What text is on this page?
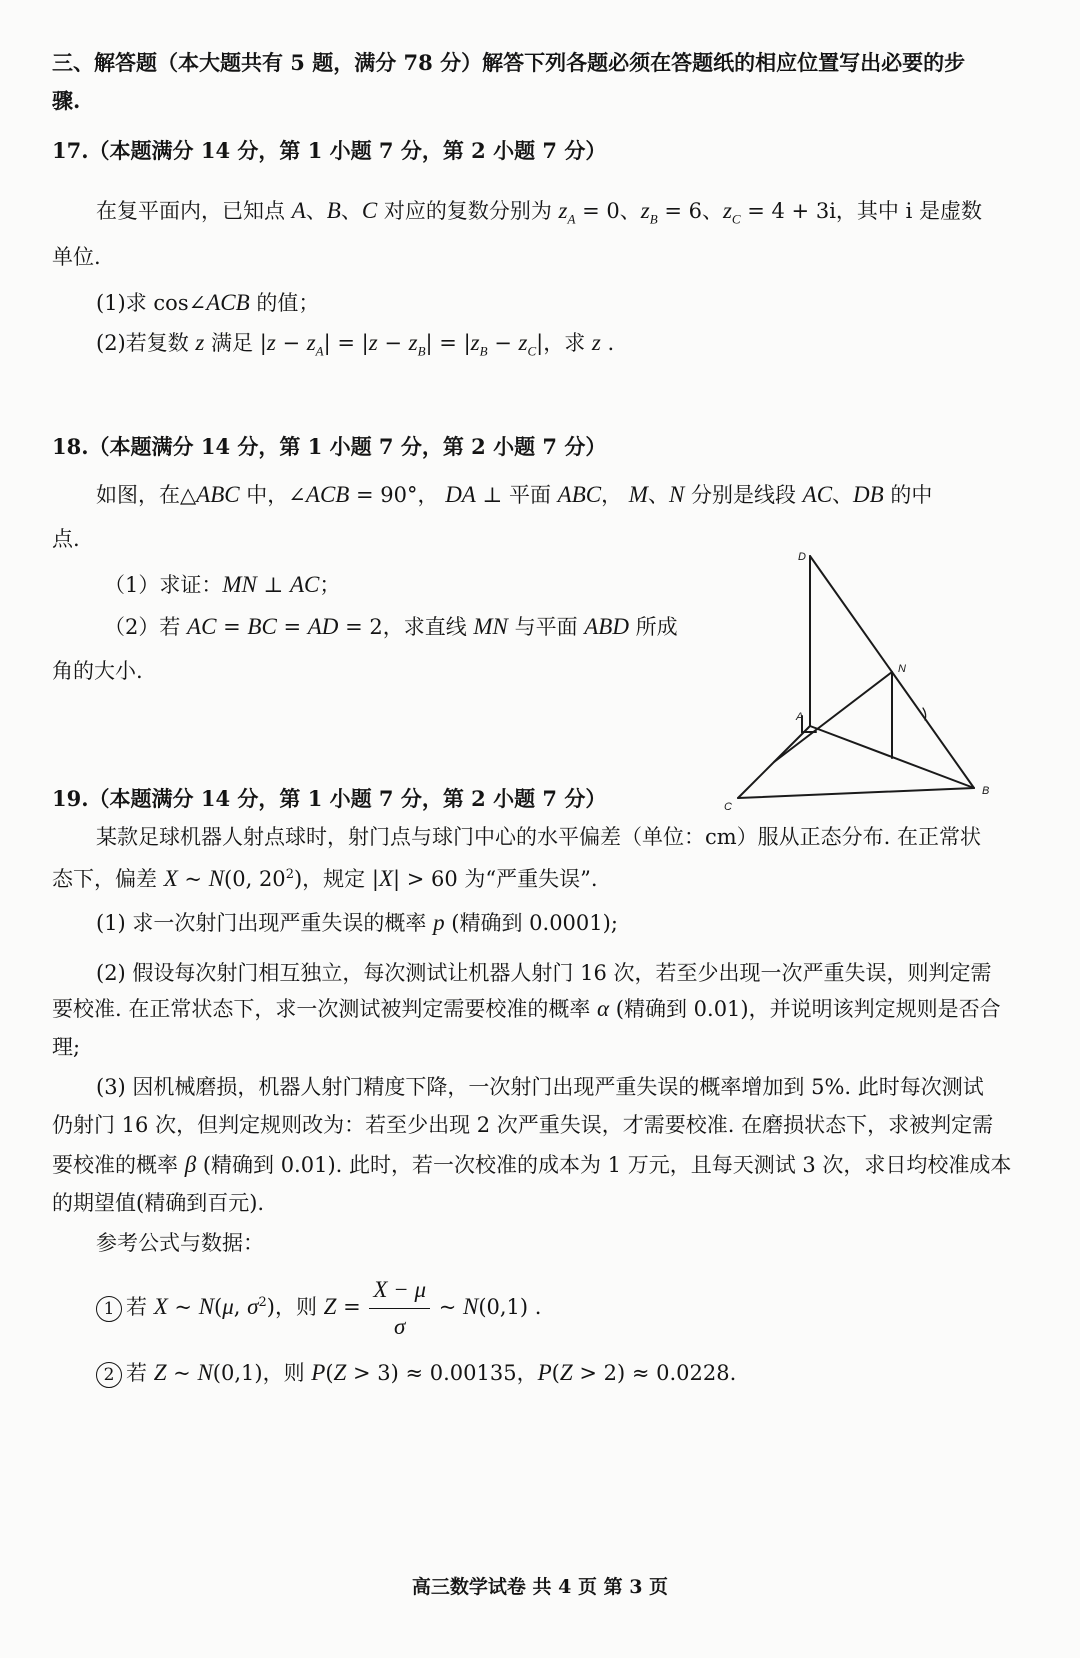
三、解答题（本大题共有 5 题，满分 78 分）解答下列各题必须在答题纸的相应位置写出必要的步
骤.
17.（本题满分 14 分，第 1 小题 7 分，第 2 小题 7 分）
在复平面内，已知点 A、B、C 对应的复数分别为 $z_A = 0$、$z_B = 6$、$z_C = 4 + 3i$，其中 i 是虚数
单位.
(1)求 cos∠ACB 的值；
(2)若复数 z 满足 $|z - z_A| = |z - z_B| = |z_B - z_C|$，求 z .
18.（本题满分 14 分，第 1 小题 7 分，第 2 小题 7 分）
如图，在△ABC 中，∠ACB = 90°， DA ⊥ 平面 ABC， M、N 分别是线段 AC、DB 的中
点.
（1）求证：MN ⊥ AC；
（2）若 AC = BC = AD = 2，求直线 MN 与平面 ABD 所成
角的大小.
D
A
N
C
B
19.（本题满分 14 分，第 1 小题 7 分，第 2 小题 7 分）
某款足球机器人射点球时，射门点与球门中心的水平偏差（单位：cm）服从正态分布. 在正常状
态下，偏差 X ~ N(0, $20^2$)，规定 |X| > 60 为“严重失误”.
(1) 求一次射门出现严重失误的概率 p (精确到 0.0001);
(2) 假设每次射门相互独立，每次测试让机器人射门 16 次，若至少出现一次严重失误，则判定需
要校准. 在正常状态下，求一次测试被判定需要校准的概率 α (精确到 0.01)，并说明该判定规则是否合
理;
(3) 因机械磨损，机器人射门精度下降，一次射门出现严重失误的概率增加到 5%. 此时每次测试
仍射门 16 次，但判定规则改为：若至少出现 2 次严重失误，才需要校准. 在磨损状态下，求被判定需
要校准的概率 β (精确到 0.01). 此时，若一次校准的成本为 1 万元，且每天测试 3 次，求日均校准成本
的期望值(精确到百元).
参考公式与数据：
1 若 X ~ N(μ, $\sigma^2$)，则 $Z = \frac{X - \mu}{\sigma}$ ~ N(0,1) .
2 若 Z ~ N(0,1)，则 P(Z > 3) ≈ 0.00135，P(Z > 2) ≈ 0.0228.
高三数学试卷 共 4 页 第 3 页
